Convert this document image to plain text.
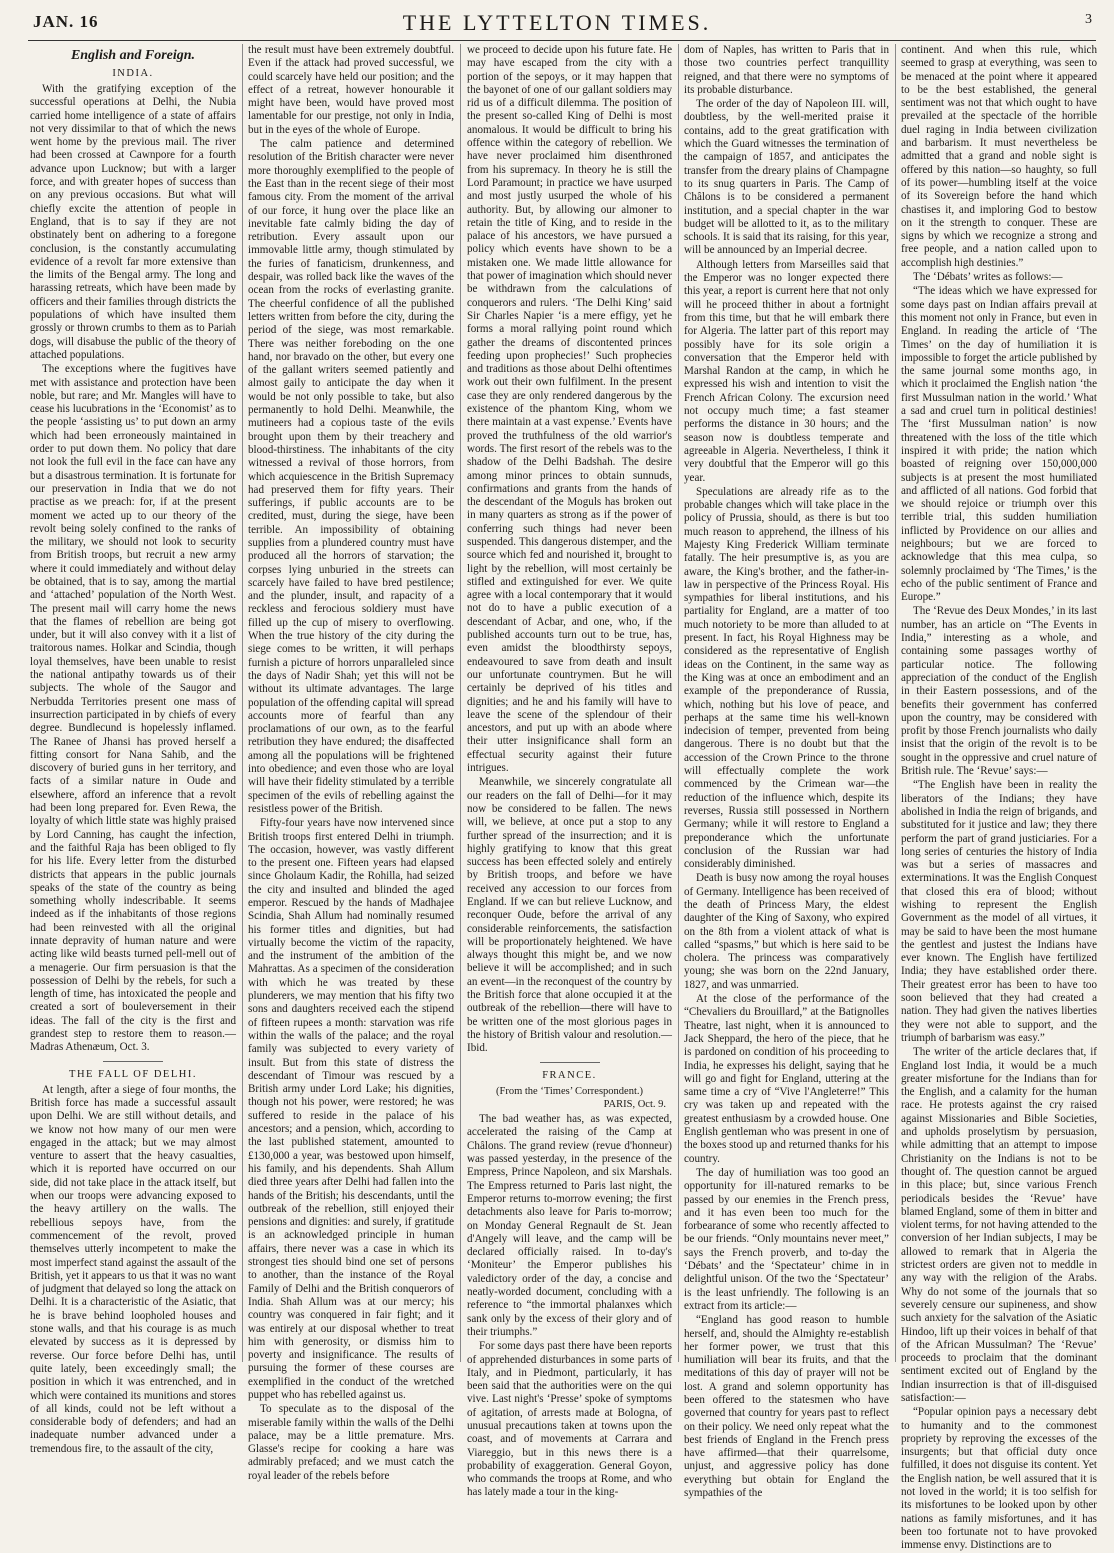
JAN. 16	THE LYTTELTON TIMES.	3
English and Foreign.
INDIA.

With the gratifying exception of the successful operations at Delhi, the Nubia carried home intelligence of a state of affairs not very dissimilar to that of which the news went home by the previous mail. The river had been crossed at Cawnpore for a fourth advance upon Lucknow; but with a larger force, and with greater hopes of success than on any previous occasions. But what will chiefly excite the attention of people in England, that is to say if they are not obstinately bent on adhering to a foregone conclusion, is the constantly accumulating evidence of a revolt far more extensive than the limits of the Bengal army. The long and harassing retreats, which have been made by officers and their families through districts the populations of which have insulted them grossly or thrown crumbs to them as to Pariah dogs, will disabuse the public of the theory of attached populations.

The exceptions where the fugitives have met with assistance and protection have been noble, but rare; and Mr. Mangles will have to cease his lucubrations in the ‘Economist’ as to the people ‘assisting us’ to put down an army which had been erroneously maintained in order to put down them. No policy that dare not look the full evil in the face can have any but a disastrous termination. It is fortunate for our preservation in India that we do not practise as we preach: for, if at the present moment we acted up to our theory of the revolt being solely confined to the ranks of the military, we should not look to security from British troops, but recruit a new army where it could immediately and without delay be obtained, that is to say, among the martial and ‘attached’ population of the North West. The present mail will carry home the news that the flames of rebellion are being got under, but it will also convey with it a list of traitorous names. Holkar and Scindia, though loyal themselves, have been unable to resist the national antipathy towards us of their subjects. The whole of the Saugor and Nerbudda Territories present one mass of insurrection participated in by chiefs of every degree. Bundlecund is hopelessly inflamed. The Ranee of Jhansi has proved herself a fitting consort for Nana Sahib, and the discovery of buried guns in her territory, and facts of a similar nature in Oude and elsewhere, afford an inference that a revolt had been long prepared for. Even Rewa, the loyalty of which little state was highly praised by Lord Canning, has caught the infection, and the faithful Raja has been obliged to fly for his life. Every letter from the disturbed districts that appears in the public journals speaks of the state of the country as being something wholly indescribable. It seems indeed as if the inhabitants of those regions had been reinvested with all the original innate depravity of human nature and were acting like wild beasts turned pell-mell out of a menagerie. Our firm persuasion is that the possession of Delhi by the rebels, for such a length of time, has intoxicated the people and created a sort of bouleversement in their ideas. The fall of the city is the first and grandest step to restore them to reason.—Madras Athenæum, Oct. 3.

THE FALL OF DELHI.

At length, after a siege of four months, the British force has made a successful assault upon Delhi. We are still without details, and we know not how many of our men were engaged in the attack; but we may almost venture to assert that the heavy casualties, which it is reported have occurred on our side, did not take place in the attack itself, but when our troops were advancing exposed to the heavy artillery on the walls. The rebellious sepoys have, from the commencement of the revolt, proved themselves utterly incompetent to make the most imperfect stand against the assault of the British, yet it appears to us that it was no want of judgment that delayed so long the attack on Delhi. It is a characteristic of the Asiatic, that he is brave behind loopholed houses and stone walls, and that his courage is as much elevated by success as it is depressed by reverse. Our force before Delhi has, until quite lately, been exceedingly small; the position in which it was entrenched, and in which were contained its munitions and stores of all kinds, could not be left without a considerable body of defenders; and had an inadequate number advanced under a tremendous fire, to the assault of the city,

the result must have been extremely doubtful. Even if the attack had proved successful, we could scarcely have held our position; and the effect of a retreat, however honourable it might have been, would have proved most lamentable for our prestige, not only in India, but in the eyes of the whole of Europe.

The calm patience and determined resolution of the British character were never more thoroughly exemplified to the people of the East than in the recent siege of their most famous city. From the moment of the arrival of our force, it hung over the place like an inevitable fate calmly biding the day of retribution. Every assault upon our immovable little army, though stimulated by the furies of fanaticism, drunkenness, and despair, was rolled back like the waves of the ocean from the rocks of everlasting granite. The cheerful confidence of all the published letters written from before the city, during the period of the siege, was most remarkable. There was neither foreboding on the one hand, nor bravado on the other, but every one of the gallant writers seemed patiently and almost gaily to anticipate the day when it would be not only possible to take, but also permanently to hold Delhi. Meanwhile, the mutineers had a copious taste of the evils brought upon them by their treachery and blood-thirstiness. The inhabitants of the city witnessed a revival of those horrors, from which acquiescence in the British Supremacy had preserved them for fifty years. Their sufferings, if public accounts are to be credited, must, during the siege, have been terrible. An impossibility of obtaining supplies from a plundered country must have produced all the horrors of starvation; the corpses lying unburied in the streets can scarcely have failed to have bred pestilence; and the plunder, insult, and rapacity of a reckless and ferocious soldiery must have filled up the cup of misery to overflowing. When the true history of the city during the siege comes to be written, it will perhaps furnish a picture of horrors unparalleled since the days of Nadir Shah; yet this will not be without its ultimate advantages. The large population of the offending capital will spread accounts more of fearful than any proclamations of our own, as to the fearful retribution they have endured; the disaffected among all the populations will be frightened into obedience; and even those who are loyal will have their fidelity stimulated by a terrible specimen of the evils of rebelling against the resistless power of the British.

Fifty-four years have now intervened since British troops first entered Delhi in triumph. The occasion, however, was vastly different to the present one. Fifteen years had elapsed since Gholaum Kadir, the Rohilla, had seized the city and insulted and blinded the aged emperor. Rescued by the hands of Madhajee Scindia, Shah Allum had nominally resumed his former titles and dignities, but had virtually become the victim of the rapacity, and the instrument of the ambition of the Mahrattas. As a specimen of the consideration with which he was treated by these plunderers, we may mention that his fifty two sons and daughters received each the stipend of fifteen rupees a month: starvation was rife within the walls of the palace; and the royal family was subjected to every variety of insult. But from this state of distress the descendant of Timour was rescued by a British army under Lord Lake; his dignities, though not his power, were restored; he was suffered to reside in the palace of his ancestors; and a pension, which, according to the last published statement, amounted to £130,000 a year, was bestowed upon himself, his family, and his dependents. Shah Allum died three years after Delhi had fallen into the hands of the British; his descendants, until the outbreak of the rebellion, still enjoyed their pensions and dignities: and surely, if gratitude is an acknowledged principle in human affairs, there never was a case in which its strongest ties should bind one set of persons to another, than the instance of the Royal Family of Delhi and the British conquerors of India. Shah Allum was at our mercy; his country was conquered in fair fight; and it was entirely at our disposal whether to treat him with generosity, or dismiss him to poverty and insignificance. The results of pursuing the former of these courses are exemplified in the conduct of the wretched puppet who has rebelled against us.

To speculate as to the disposal of the miserable family within the walls of the Delhi palace, may be a little premature. Mrs. Glasse's recipe for cooking a hare was admirably prefaced; and we must catch the royal leader of the rebels before

we proceed to decide upon his future fate. He may have escaped from the city with a portion of the sepoys, or it may happen that the bayonet of one of our gallant soldiers may rid us of a difficult dilemma. The position of the present so-called King of Delhi is most anomalous. It would be difficult to bring his offence within the category of rebellion. We have never proclaimed him disenthroned from his supremacy. In theory he is still the Lord Paramount; in practice we have usurped and most justly usurped the whole of his authority. But, by allowing our almoner to retain the title of King, and to reside in the palace of his ancestors, we have pursued a policy which events have shown to be a mistaken one. We made little allowance for that power of imagination which should never be withdrawn from the calculations of conquerors and rulers. ‘The Delhi King’ said Sir Charles Napier ‘is a mere effigy, yet he forms a moral rallying point round which gather the dreams of discontented princes feeding upon prophecies!’ Such prophecies and traditions as those about Delhi oftentimes work out their own fulfilment. In the present case they are only rendered dangerous by the existence of the phantom King, whom we there maintain at a vast expense.’ Events have proved the truthfulness of the old warrior's words. The first resort of the rebels was to the shadow of the Delhi Badshah. The desire among minor princes to obtain sunnuds, confirmations and grants from the hands of the descendant of the Moguls has broken out in many quarters as strong as if the power of conferring such things had never been suspended. This dangerous distemper, and the source which fed and nourished it, brought to light by the rebellion, will most certainly be stifled and extinguished for ever. We quite agree with a local contemporary that it would not do to have a public execution of a descendant of Acbar, and one, who, if the published accounts turn out to be true, has, even amidst the bloodthirsty sepoys, endeavoured to save from death and insult our unfortunate countrymen. But he will certainly be deprived of his titles and dignities; and he and his family will have to leave the scene of the splendour of their ancestors, and put up with an abode where their utter insignificance shall form an effectual security against their future intrigues.

Meanwhile, we sincerely congratulate all our readers on the fall of Delhi—for it may now be considered to be fallen. The news will, we believe, at once put a stop to any further spread of the insurrection; and it is highly gratifying to know that this great success has been effected solely and entirely by British troops, and before we have received any accession to our forces from England. If we can but relieve Lucknow, and reconquer Oude, before the arrival of any considerable reinforcements, the satisfaction will be proportionately heightened. We have always thought this might be, and we now believe it will be accomplished; and in such an event—in the reconquest of the country by the British force that alone occupied it at the outbreak of the rebellion—there will have to be written one of the most glorious pages in the history of British valour and resolution.—Ibid.

FRANCE.

(From the ‘Times’ Correspondent.)

PARIS, Oct. 9.

The bad weather has, as was expected, accelerated the raising of the Camp at Châlons. The grand review (revue d'honneur) was passed yesterday, in the presence of the Empress, Prince Napoleon, and six Marshals. The Empress returned to Paris last night, the Emperor returns to-morrow evening; the first detachments also leave for Paris to-morrow; on Monday General Regnault de St. Jean d'Angely will leave, and the camp will be declared officially raised. In to-day's ‘Moniteur’ the Emperor publishes his valedictory order of the day, a concise and neatly-worded document, concluding with a reference to “the immortal phalanxes which sank only by the excess of their glory and of their triumphs.”

For some days past there have been reports of apprehended disturbances in some parts of Italy, and in Piedmont, particularly, it has been said that the authorities were on the qui vive. Last night's ‘Presse’ spoke of symptoms of agitation, of arrests made at Bologna, of unusual precautions taken at towns upon the coast, and of movements at Carrara and Viareggio, but in this news there is a probability of exaggeration. General Goyon, who commands the troops at Rome, and who has lately made a tour in the king-

dom of Naples, has written to Paris that in those two countries perfect tranquillity reigned, and that there were no symptoms of its probable disturbance.

The order of the day of Napoleon III. will, doubtless, by the well-merited praise it contains, add to the great gratification with which the Guard witnesses the termination of the campaign of 1857, and anticipates the transfer from the dreary plains of Champagne to its snug quarters in Paris. The Camp of Châlons is to be considered a permanent institution, and a special chapter in the war budget will be allotted to it, as to the military schools. It is said that its raising, for this year, will be announced by an Imperial decree.

Although letters from Marseilles said that the Emperor was no longer expected there this year, a report is current here that not only will he proceed thither in about a fortnight from this time, but that he will embark there for Algeria. The latter part of this report may possibly have for its sole origin a conversation that the Emperor held with Marshal Randon at the camp, in which he expressed his wish and intention to visit the French African Colony. The excursion need not occupy much time; a fast steamer performs the distance in 30 hours; and the season now is doubtless temperate and agreeable in Algeria. Nevertheless, I think it very doubtful that the Emperor will go this year.

Speculations are already rife as to the probable changes which will take place in the policy of Prussia, should, as there is but too much reason to apprehend, the illness of his Majesty King Frederick William terminate fatally. The heir presumptive is, as you are aware, the King's brother, and the father-in-law in perspective of the Princess Royal. His sympathies for liberal institutions, and his partiality for England, are a matter of too much notoriety to be more than alluded to at present. In fact, his Royal Highness may be considered as the representative of English ideas on the Continent, in the same way as the King was at once an embodiment and an example of the preponderance of Russia, which, nothing but his love of peace, and perhaps at the same time his well-known indecision of temper, prevented from being dangerous. There is no doubt but that the accession of the Crown Prince to the throne will effectually complete the work commenced by the Crimean war—the reduction of the influence which, despite its reverses, Russia still possessed in Northern Germany; while it will restore to England a preponderance which the unfortunate conclusion of the Russian war had considerably diminished.

Death is busy now among the royal houses of Germany. Intelligence has been received of the death of Princess Mary, the eldest daughter of the King of Saxony, who expired on the 8th from a violent attack of what is called “spasms,” but which is here said to be cholera. The princess was comparatively young; she was born on the 22nd January, 1827, and was unmarried.

At the close of the performance of the “Chevaliers du Brouillard,” at the Batignolles Theatre, last night, when it is announced to Jack Sheppard, the hero of the piece, that he is pardoned on condition of his proceeding to India, he expresses his delight, saying that he will go and fight for England, uttering at the same time a cry of “Vive l'Angleterre!” This cry was taken up and repeated with the greatest enthusiasm by a crowded house. One English gentleman who was present in one of the boxes stood up and returned thanks for his country.

The day of humiliation was too good an opportunity for ill-natured remarks to be passed by our enemies in the French press, and it has even been too much for the forbearance of some who recently affected to be our friends. “Only mountains never meet,” says the French proverb, and to-day the ‘Débats’ and the ‘Spectateur’ chime in in delightful unison. Of the two the ‘Spectateur’ is the least unfriendly. The following is an extract from its article:—

“England has good reason to humble herself, and, should the Almighty re-establish her former power, we trust that this humiliation will bear its fruits, and that the meditations of this day of prayer will not be lost. A grand and solemn opportunity has been offered to the statesmen who have governed that country for years past to reflect on their policy. We need only repeat what the best friends of England in the French press have affirmed—that their quarrelsome, unjust, and aggressive policy has done everything but obtain for England the sympathies of the

continent. And when this rule, which seemed to grasp at everything, was seen to be menaced at the point where it appeared to be the best established, the general sentiment was not that which ought to have prevailed at the spectacle of the horrible duel raging in India between civilization and barbarism. It must nevertheless be admitted that a grand and noble sight is offered by this nation—so haughty, so full of its power—humbling itself at the voice of its Sovereign before the hand which chastises it, and imploring God to bestow on it the strength to conquer. These are signs by which we recognize a strong and free people, and a nation called upon to accomplish high destinies.”

The ‘Débats’ writes as follows:—

“The ideas which we have expressed for some days past on Indian affairs prevail at this moment not only in France, but even in England. In reading the article of ‘The Times’ on the day of humiliation it is impossible to forget the article published by the same journal some months ago, in which it proclaimed the English nation ‘the first Mussulman nation in the world.’ What a sad and cruel turn in political destinies! The ‘first Mussulman nation’ is now threatened with the loss of the title which inspired it with pride; the nation which boasted of reigning over 150,000,000 subjects is at present the most humiliated and afflicted of all nations. God forbid that we should rejoice or triumph over this terrible trial, this sudden humiliation inflicted by Providence on our allies and neighbours; but we are forced to acknowledge that this mea culpa, so solemnly proclaimed by ‘The Times,’ is the echo of the public sentiment of France and Europe.”

The ‘Revue des Deux Mondes,’ in its last number, has an article on “The Events in India,” interesting as a whole, and containing some passages worthy of particular notice. The following appreciation of the conduct of the English in their Eastern possessions, and of the benefits their government has conferred upon the country, may be considered with profit by those French journalists who daily insist that the origin of the revolt is to be sought in the oppressive and cruel nature of British rule. The ‘Revue’ says:—

“The English have been in reality the liberators of the Indians; they have abolished in India the reign of brigands, and substituted for it justice and law; they there perform the part of grand justiciaries. For a long series of centuries the history of India was but a series of massacres and exterminations. It was the English Conquest that closed this era of blood; without wishing to represent the English Government as the model of all virtues, it may be said to have been the most humane the gentlest and justest the Indians have ever known. The English have fertilized India; they have established order there. Their greatest error has been to have too soon believed that they had created a nation. They had given the natives liberties they were not able to support, and the triumph of barbarism was easy.”

The writer of the article declares that, if England lost India, it would be a much greater misfortune for the Indians than for the English, and a calamity for the human race. He protests against the cry raised against Missionaries and Bible Societies, and upholds proselytism by persuasion, while admitting that an attempt to impose Christianity on the Indians is not to be thought of. The question cannot be argued in this place; but, since various French periodicals besides the ‘Revue’ have blamed England, some of them in bitter and violent terms, for not having attended to the conversion of her Indian subjects, I may be allowed to remark that in Algeria the strictest orders are given not to meddle in any way with the religion of the Arabs. Why do not some of the journals that so severely censure our supineness, and show such anxiety for the salvation of the Asiatic Hindoo, lift up their voices in behalf of that of the African Mussulman? The ‘Revue’ proceeds to proclaim that the dominant sentiment excited out of England by the Indian insurrection is that of ill-disguised satisfaction:—

“Popular opinion pays a necessary debt to humanity and to the commonest propriety by reproving the excesses of the insurgents; but that official duty once fulfilled, it does not disguise its content. Yet the English nation, be well assured that it is not loved in the world; it is too selfish for its misfortunes to be looked upon by other nations as family misfortunes, and it has been too fortunate not to have provoked immense envy. Distinctions are to
